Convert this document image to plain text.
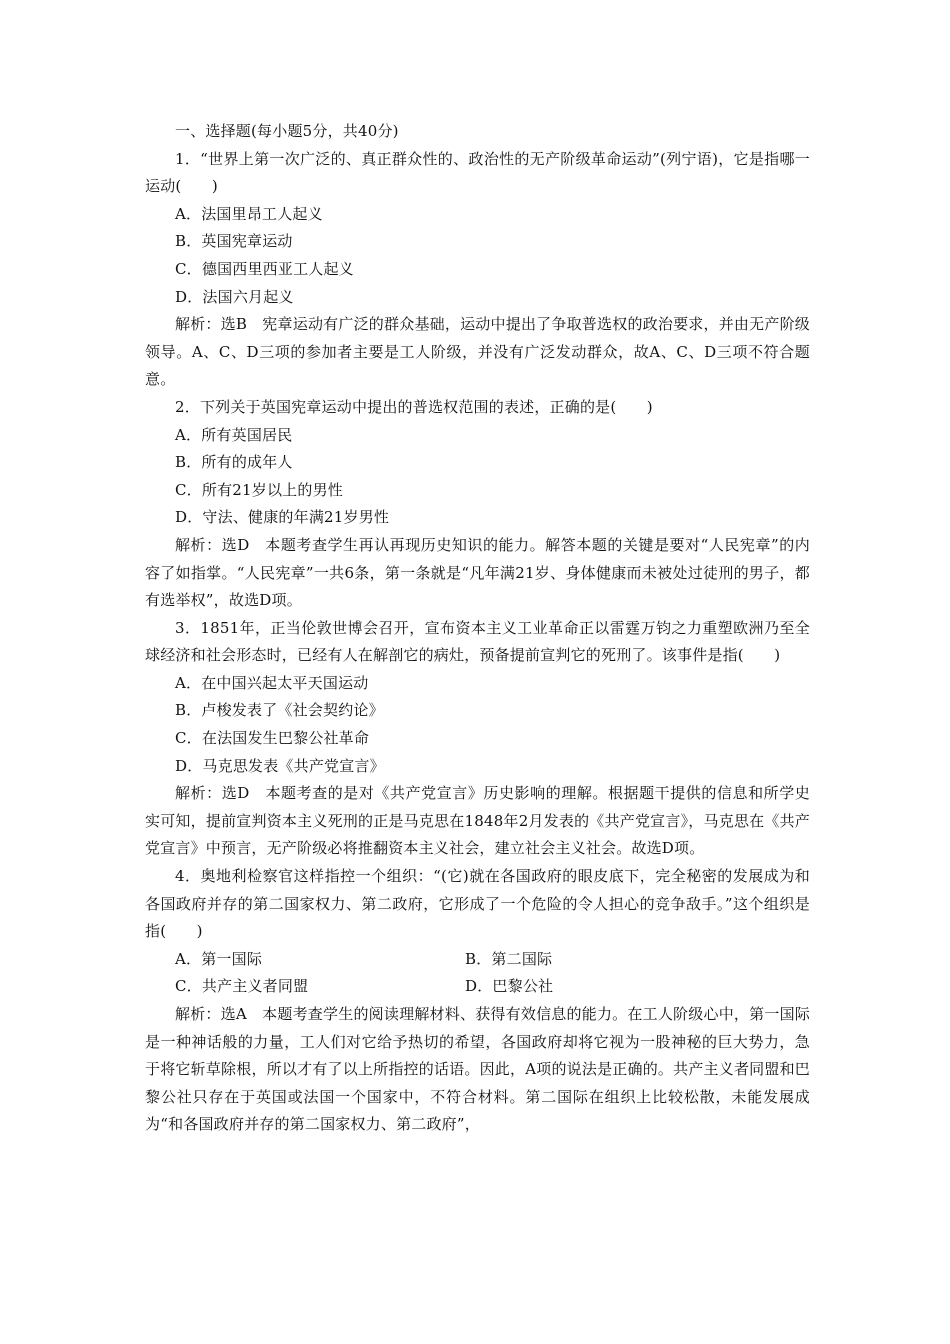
一、选择题(每小题5分，共40分)
1．“世界上第一次广泛的、真正群众性的、政治性的无产阶级革命运动”(列宁语)，它是指哪一运动(　　)
A．法国里昂工人起义
B．英国宪章运动
C．德国西里西亚工人起义
D．法国六月起义
解析：选B　宪章运动有广泛的群众基础，运动中提出了争取普选权的政治要求，并由无产阶级领导。A、C、D三项的参加者主要是工人阶级，并没有广泛发动群众，故A、C、D三项不符合题意。
2．下列关于英国宪章运动中提出的普选权范围的表述，正确的是(　　)
A．所有英国居民
B．所有的成年人
C．所有21岁以上的男性
D．守法、健康的年满21岁男性
解析：选D　本题考查学生再认再现历史知识的能力。解答本题的关键是要对“人民宪章”的内容了如指掌。“人民宪章”一共6条，第一条就是“凡年满21岁、身体健康而未被处过徒刑的男子，都有选举权”，故选D项。
3．1851年，正当伦敦世博会召开，宣布资本主义工业革命正以雷霆万钧之力重塑欧洲乃至全球经济和社会形态时，已经有人在解剖它的病灶，预备提前宣判它的死刑了。该事件是指(　　)
A．在中国兴起太平天国运动
B．卢梭发表了《社会契约论》
C．在法国发生巴黎公社革命
D．马克思发表《共产党宣言》
解析：选D　本题考查的是对《共产党宣言》历史影响的理解。根据题干提供的信息和所学史实可知，提前宣判资本主义死刑的正是马克思在1848年2月发表的《共产党宣言》，马克思在《共产党宣言》中预言，无产阶级必将推翻资本主义社会，建立社会主义社会。故选D项。
4．奥地利检察官这样指控一个组织：“(它)就在各国政府的眼皮底下，完全秘密的发展成为和各国政府并存的第二国家权力、第二政府，它形成了一个危险的令人担心的竞争敌手。”这个组织是指(　　)
A．第一国际	B．第二国际
C．共产主义者同盟	D．巴黎公社
解析：选A　本题考查学生的阅读理解材料、获得有效信息的能力。在工人阶级心中，第一国际是一种神话般的力量，工人们对它给予热切的希望，各国政府却将它视为一股神秘的巨大势力，急于将它斩草除根，所以才有了以上所指控的话语。因此，A项的说法是正确的。共产主义者同盟和巴黎公社只存在于英国或法国一个国家中，不符合材料。第二国际在组织上比较松散，未能发展成为“和各国政府并存的第二国家权力、第二政府”，
